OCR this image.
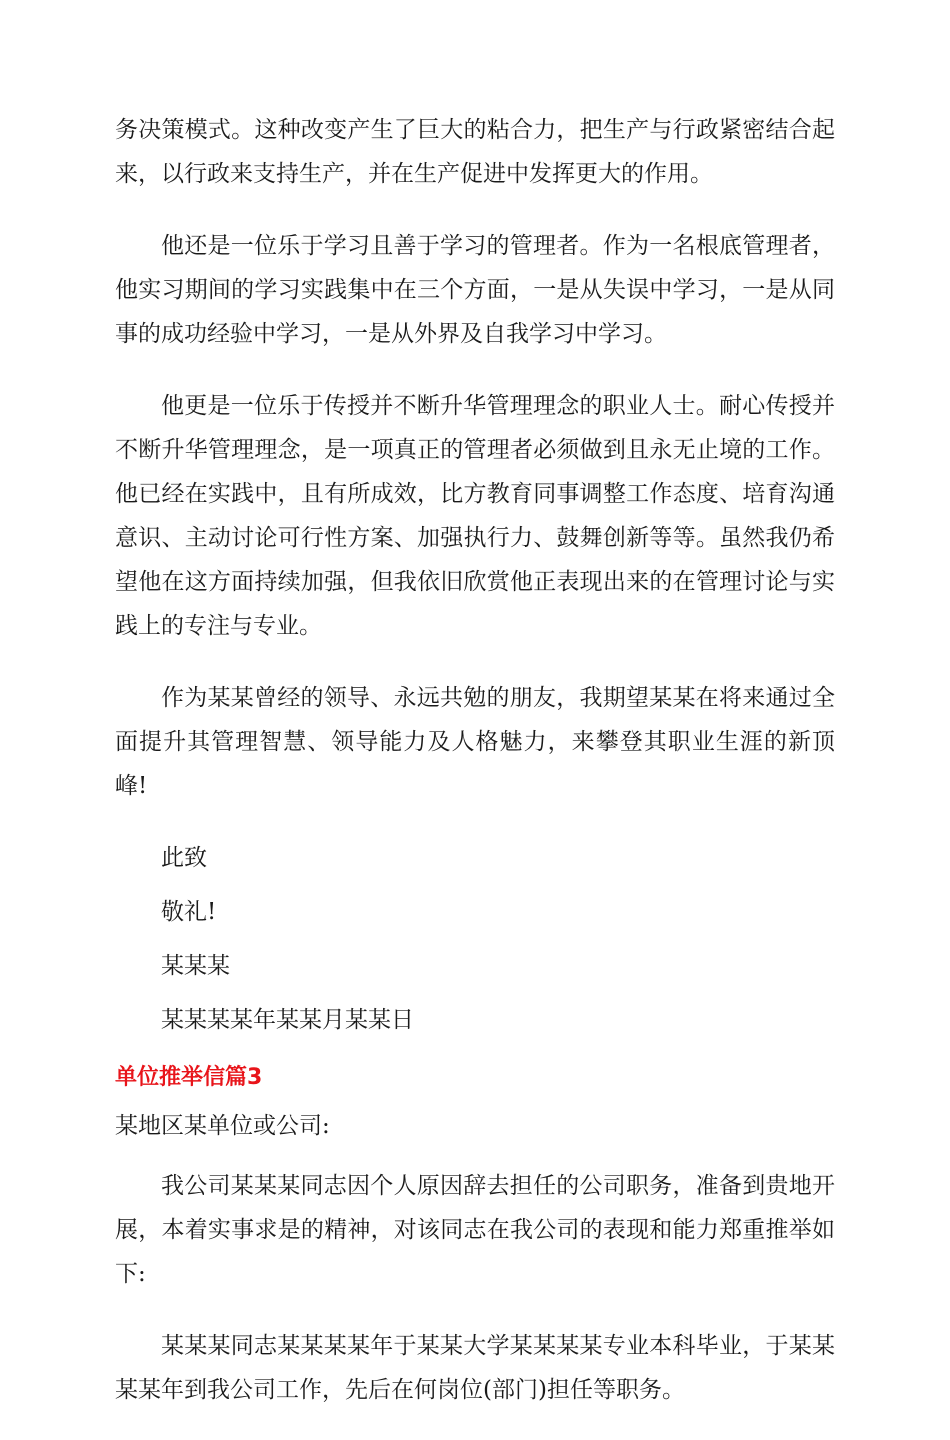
务决策模式。这种改变产生了巨大的粘合力，把生产与行政紧密结合起来，以行政来支持生产，并在生产促进中发挥更大的作用。

他还是一位乐于学习且善于学习的管理者。作为一名根底管理者，他实习期间的学习实践集中在三个方面，一是从失误中学习，一是从同事的成功经验中学习，一是从外界及自我学习中学习。

他更是一位乐于传授并不断升华管理理念的职业人士。耐心传授并不断升华管理理念，是一项真正的管理者必须做到且永无止境的工作。他已经在实践中，且有所成效，比方教育同事调整工作态度、培育沟通意识、主动讨论可行性方案、加强执行力、鼓舞创新等等。虽然我仍希望他在这方面持续加强，但我依旧欣赏他正表现出来的在管理讨论与实践上的专注与专业。

作为某某曾经的领导、永远共勉的朋友，我期望某某在将来通过全面提升其管理智慧、领导能力及人格魅力，来攀登其职业生涯的新顶峰!

此致

敬礼!

某某某

某某某某年某某月某某日

单位推举信篇3

某地区某单位或公司:

我公司某某某同志因个人原因辞去担任的公司职务，准备到贵地开展，本着实事求是的精神，对该同志在我公司的表现和能力郑重推举如下:

某某某同志某某某某年于某某大学某某某某专业本科毕业，于某某某某年到我公司工作，先后在何岗位(部门)担任等职务。
